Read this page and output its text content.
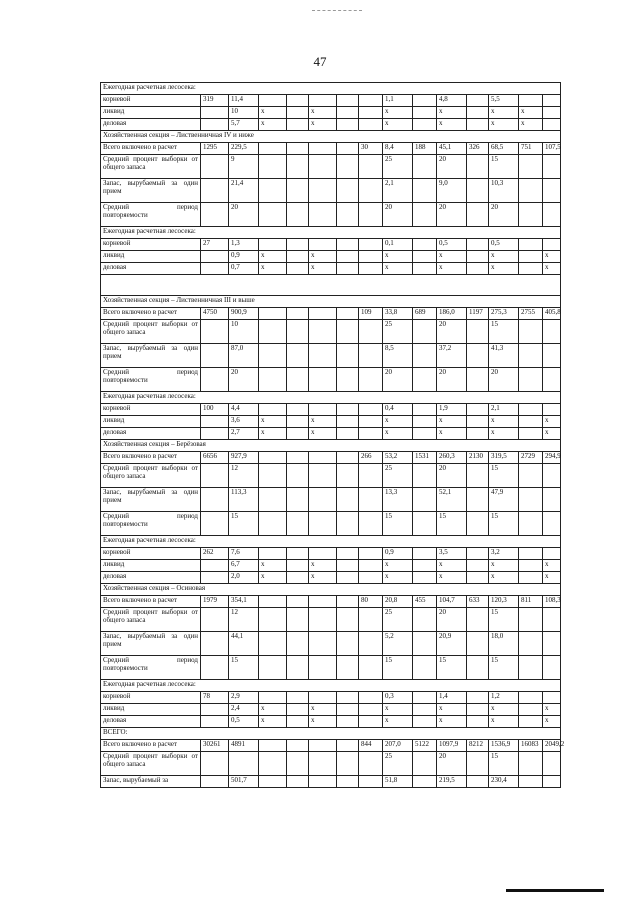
47
Ежегодная расчетная лесосека:														
корневой	319	11,4						1,1		4,8		5,5		
ликвид		10	x		x			x		x		x	x	
деловая		5,7	x		x			x		x		x	x	
Хозяйственная секция – Лиственничная IV и ниже														
Всего включено в расчет	1295	229,5					30	8,4	188	45,1	326	68,5	751	107,5
Средний процент выборки от общего запаса		9						25		20		15		
Запас, вырубаемый за один прием		21,4						2,1		9,0		10,3		
Средний период повторяемости		20						20		20		20		
Ежегодная расчетная лесосека:														
корневой	27	1,3						0,1		0,5		0,5		
ликвид		0,9	x		x			x		x		x		x
деловая		0,7	x		x			x		x		x		x

Хозяйственная секция – Лиственничная III и выше														
Всего включено в расчет	4750	900,9					109	33,8	689	186,0	1197	275,3	2755	405,8
Средний процент выборки от общего запаса		10						25		20		15		
Запас, вырубаемый за один прием		87,0						8,5		37,2		41,3		
Средний период повторяемости		20						20		20		20		
Ежегодная расчетная лесосека:														
корневой	100	4,4						0,4		1,9		2,1		
ликвид		3,6	x		x			x		x		x		x
деловая		2,7	x		x			x		x		x		x
Хозяйственная секция – Берёзовая														
Всего включено в расчет	6656	927,9					266	53,2	1531	260,3	2130	319,5	2729	294,9
Средний процент выборки от общего запаса		12						25		20		15		
Запас, вырубаемый за один прием		113,3						13,3		52,1		47,9		
Средний период повторяемости		15						15		15		15		
Ежегодная расчетная лесосека:														
корневой	262	7,6						0,9		3,5		3,2		
ликвид		6,7	x		x			x		x		x		x
деловая		2,0	x		x			x		x		x		x
Хозяйственная секция – Осиновая														
Всего включено в расчет	1979	354,1					80	20,8	455	104,7	633	120,3	811	108,3
Средний процент выборки от общего запаса		12						25		20		15		
Запас, вырубаемый за один прием		44,1						5,2		20,9		18,0		
Средний период повторяемости		15						15		15		15		
Ежегодная расчетная лесосека:														
корневой	78	2,9						0,3		1,4		1,2		
ликвид		2,4	x		x			x		x		x		x
деловая		0,5	x		x			x		x		x		x
ВСЕГО:														
Всего включено в расчет	30261	4891					844	207,0	5122	1097,9	8212	1536,9	16083	2049,2
Средний процент выборки от общего запаса								25		20		15		
Запас, вырубаемый за		501,7						51,8		219,5		230,4		
